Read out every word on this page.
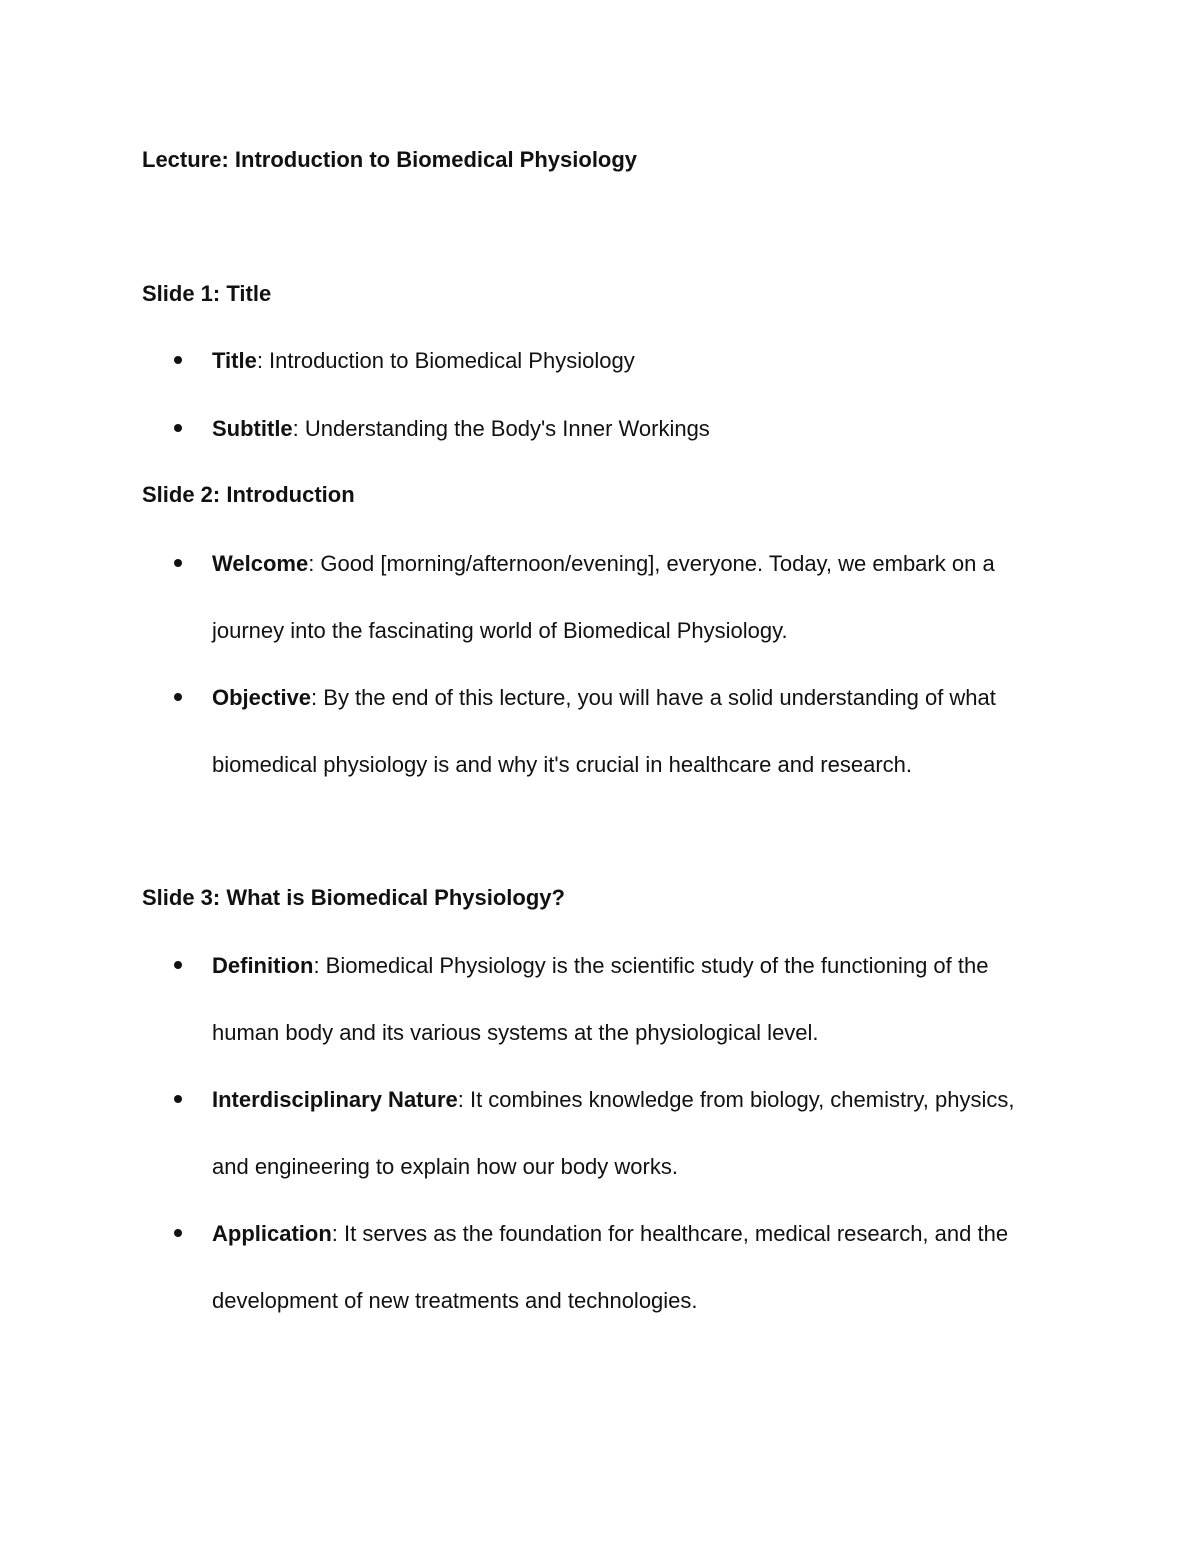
Lecture: Introduction to Biomedical Physiology
Slide 1: Title
Title: Introduction to Biomedical Physiology
Subtitle: Understanding the Body's Inner Workings
Slide 2: Introduction
Welcome: Good [morning/afternoon/evening], everyone. Today, we embark on a journey into the fascinating world of Biomedical Physiology.
Objective: By the end of this lecture, you will have a solid understanding of what biomedical physiology is and why it's crucial in healthcare and research.
Slide 3: What is Biomedical Physiology?
Definition: Biomedical Physiology is the scientific study of the functioning of the human body and its various systems at the physiological level.
Interdisciplinary Nature: It combines knowledge from biology, chemistry, physics, and engineering to explain how our body works.
Application: It serves as the foundation for healthcare, medical research, and the development of new treatments and technologies.
